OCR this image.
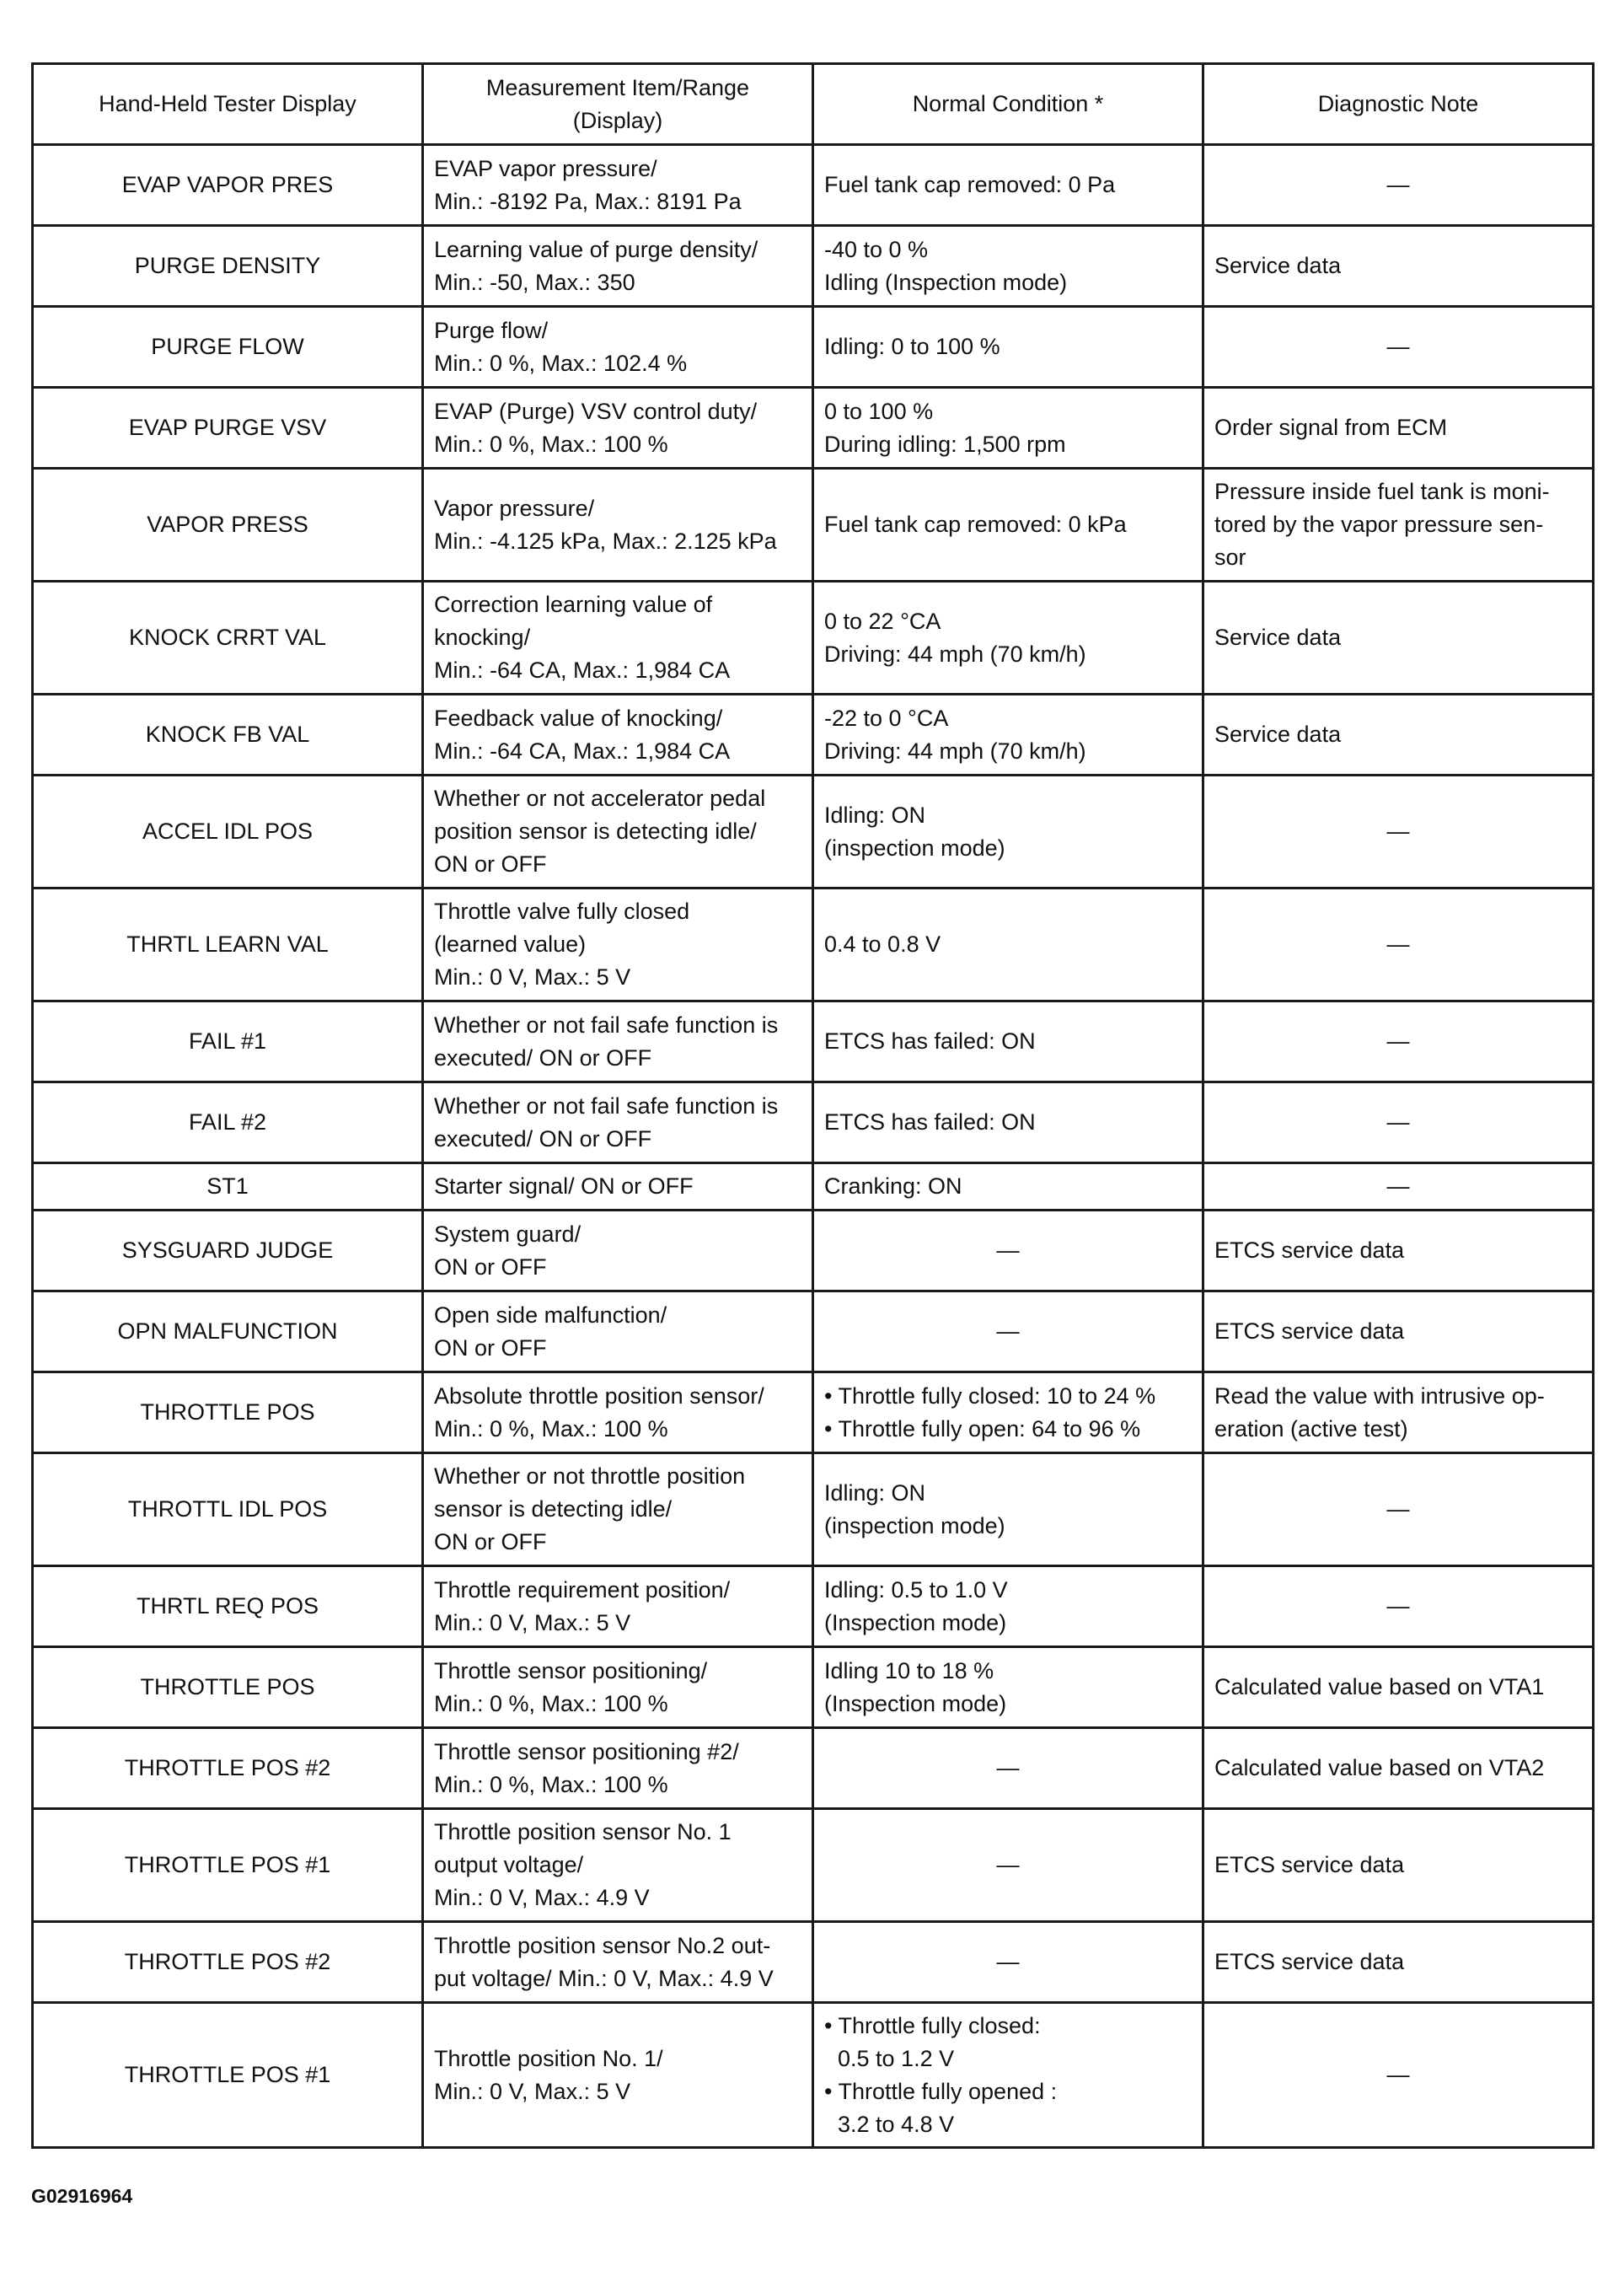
Hand-Held Tester Display	Measurement Item/Range
(Display)	Normal Condition *	Diagnostic Note

EVAP VAPOR PRES	EVAP vapor pressure/
Min.: -8192 Pa, Max.: 8191 Pa	Fuel tank cap removed: 0 Pa	—

PURGE DENSITY	Learning value of purge density/
Min.: -50, Max.: 350	-40 to 0 %
Idling (Inspection mode)	Service data

PURGE FLOW	Purge flow/
Min.: 0 %, Max.: 102.4 %	Idling: 0 to 100 %	—

EVAP PURGE VSV	EVAP (Purge) VSV control duty/
Min.: 0 %, Max.: 100 %	0 to 100 %
During idling: 1,500 rpm	Order signal from ECM

VAPOR PRESS	Vapor pressure/
Min.: -4.125 kPa, Max.: 2.125 kPa	Fuel tank cap removed: 0 kPa	Pressure inside fuel tank is moni-
tored by the vapor pressure sen-
sor

KNOCK CRRT VAL	Correction learning value of
knocking/
Min.: -64 CA, Max.: 1,984 CA	0 to 22 °CA
Driving: 44 mph (70 km/h)	Service data

KNOCK FB VAL	Feedback value of knocking/
Min.: -64 CA, Max.: 1,984 CA	-22 to 0 °CA
Driving: 44 mph (70 km/h)	Service data

ACCEL IDL POS	Whether or not accelerator pedal
position sensor is detecting idle/
ON or OFF	Idling: ON
(inspection mode)	—

THRTL LEARN VAL	Throttle valve fully closed
(learned value)
Min.: 0 V, Max.: 5 V	0.4 to 0.8 V	—

FAIL #1	Whether or not fail safe function is
executed/ ON or OFF	ETCS has failed: ON	—

FAIL #2	Whether or not fail safe function is
executed/ ON or OFF	ETCS has failed: ON	—

ST1	Starter signal/ ON or OFF	Cranking: ON	—

SYSGUARD JUDGE	System guard/
ON or OFF	—	ETCS service data

OPN MALFUNCTION	Open side malfunction/
ON or OFF	—	ETCS service data

THROTTLE POS	Absolute throttle position sensor/
Min.: 0 %, Max.: 100 %	• Throttle fully closed: 10 to 24 %
• Throttle fully open: 64 to 96 %	Read the value with intrusive op-
eration (active test)

THROTTL IDL POS	Whether or not throttle position
sensor is detecting idle/
ON or OFF	Idling: ON
(inspection mode)	—

THRTL REQ POS	Throttle requirement position/
Min.: 0 V, Max.: 5 V	Idling: 0.5 to 1.0 V
(Inspection mode)	—

THROTTLE POS	Throttle sensor positioning/
Min.: 0 %, Max.: 100 %	Idling 10 to 18 %
(Inspection mode)	Calculated value based on VTA1

THROTTLE POS #2	Throttle sensor positioning #2/
Min.: 0 %, Max.: 100 %	—	Calculated value based on VTA2

THROTTLE POS #1	Throttle position sensor No. 1
output voltage/
Min.: 0 V, Max.: 4.9 V	—	ETCS service data

THROTTLE POS #2	Throttle position sensor No.2 out-
put voltage/ Min.: 0 V, Max.: 4.9 V	—	ETCS service data

THROTTLE POS #1	Throttle position No. 1/
Min.: 0 V, Max.: 5 V	• Throttle fully closed:
0.5 to 1.2 V
• Throttle fully opened :
3.2 to 4.8 V	—
G02916964
